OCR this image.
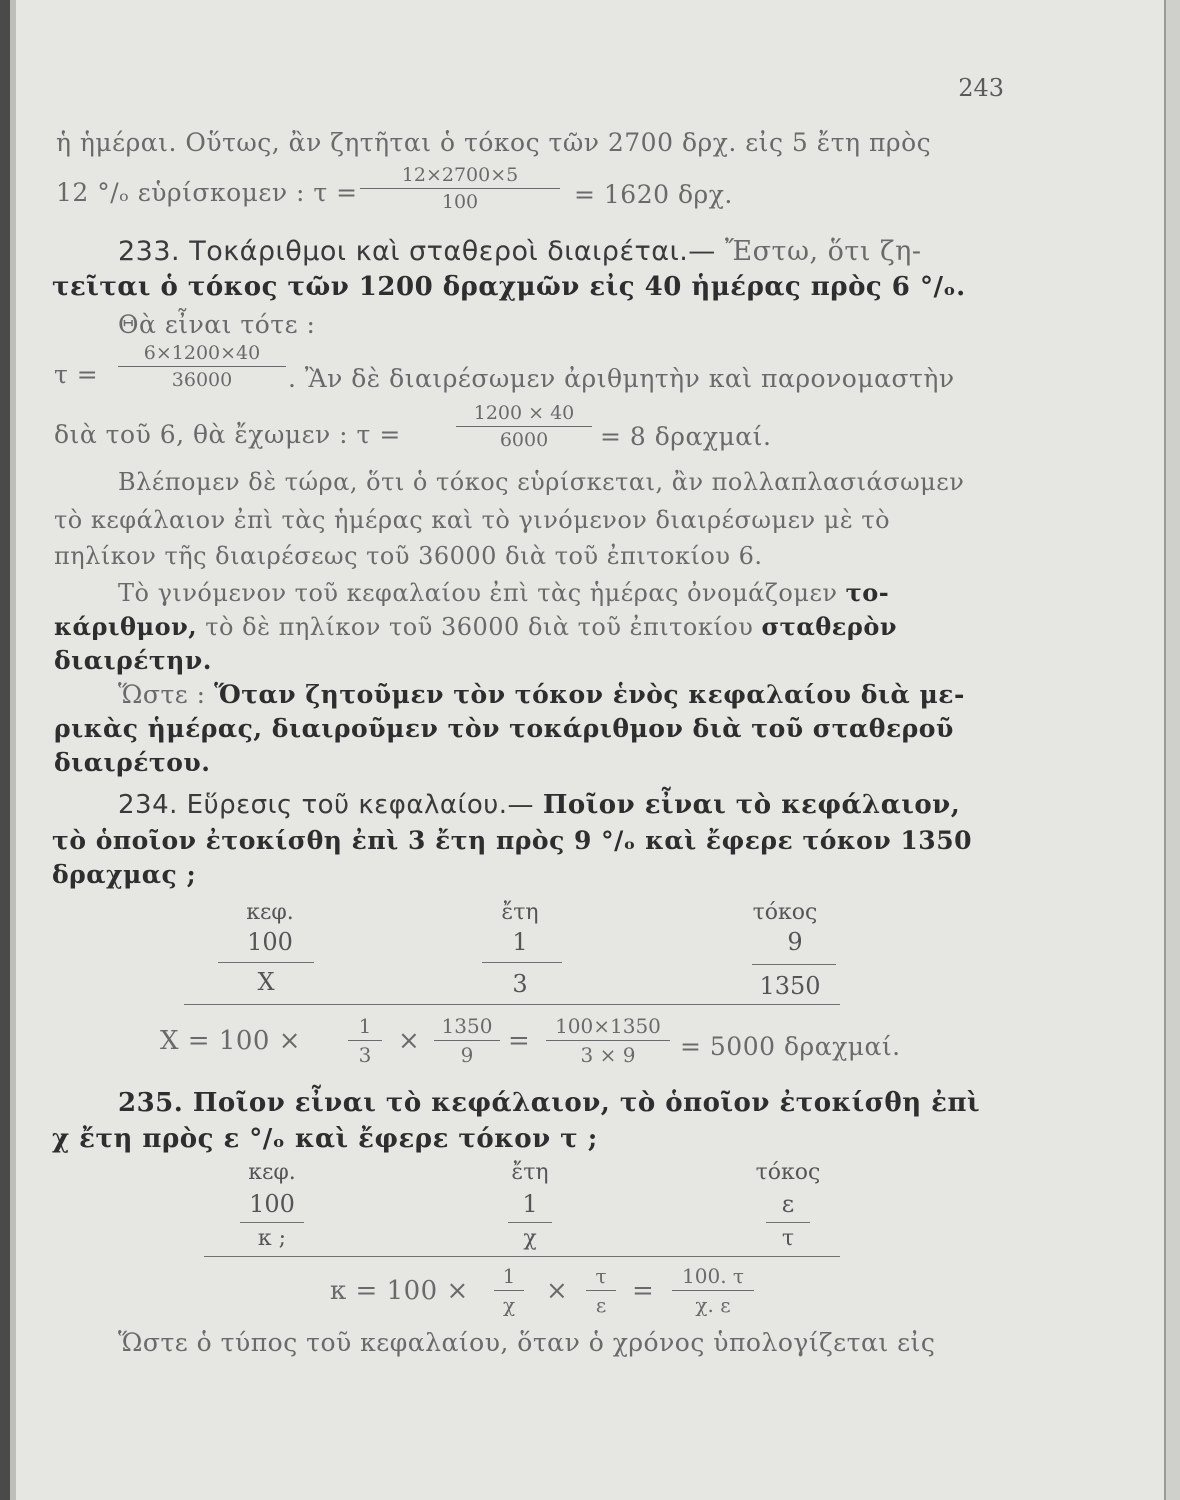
243
ἡ ἡμέραι. Οὕτως, ἂν ζητῆται ὁ τόκος τῶν 2700 δρχ. εἰς 5 ἔτη πρὸς
12 °/ₒ εὑρίσκομεν : τ =
12×2700×5
100	= 1620 δρχ.
233. Τοκάριθμοι καὶ σταθεροὶ διαιρέται.— Ἔστω, ὅτι ζη-
τεῖται ὁ τόκος τῶν 1200 δραχμῶν εἰς 40 ἡμέρας πρὸς 6 °/ₒ.
Θὰ εἶναι τότε :
τ =
6×1200×40
36000	. Ἂν δὲ διαιρέσωμεν ἀριθμητὴν καὶ παρονομαστὴν
διὰ τοῦ 6, θὰ ἔχωμεν : τ =
1200 × 40
6000	= 8 δραχμαί.
Βλέπομεν δὲ τώρα, ὅτι ὁ τόκος εὑρίσκεται, ἂν πολλαπλασιάσωμεν
τὸ κεφάλαιον ἐπὶ τὰς ἡμέρας καὶ τὸ γινόμενον διαιρέσωμεν μὲ τὸ
πηλίκον τῆς διαιρέσεως τοῦ 36000 διὰ τοῦ ἐπιτοκίου 6.
Τὸ γινόμενον τοῦ κεφαλαίου ἐπὶ τὰς ἡμέρας ὀνομάζομεν το-
κάριθμον, τὸ δὲ πηλίκον τοῦ 36000 διὰ τοῦ ἐπιτοκίου σταθερὸν
διαιρέτην.
Ὥστε : Ὅταν ζητοῦμεν τὸν τόκον ἑνὸς κεφαλαίου διὰ με-
ρικὰς ἡμέρας, διαιροῦμεν τὸν τοκάριθμον διὰ τοῦ σταθεροῦ
διαιρέτου.
234. Εὕρεσις τοῦ κεφαλαίου.— Ποῖον εἶναι τὸ κεφάλαιον,
τὸ ὁποῖον ἐτοκίσθη ἐπὶ 3 ἔτη πρὸς 9 °/ₒ καὶ ἔφερε τόκον 1350
δραχμας ;
κεφ.	ἔτη	τόκος
100	1	9
Χ	3	1350
Χ = 100 ×	1
3	×	1350
9	=	100×1350
3 × 9	= 5000 δραχμαί.
235. Ποῖον εἶναι τὸ κεφάλαιον, τὸ ὁποῖον ἐτοκίσθη ἐπὶ
χ ἔτη πρὸς ε °/ₒ καὶ ἔφερε τόκον τ ;
κεφ.	ἔτη	τόκος
100	1	ε
κ ;	χ	τ
κ = 100 ×	1
χ	×	τ
ε =	100. τ
χ. ε
Ὥστε ὁ τύπος τοῦ κεφαλαίου, ὅταν ὁ χρόνος ὑπολογίζεται εἰς
